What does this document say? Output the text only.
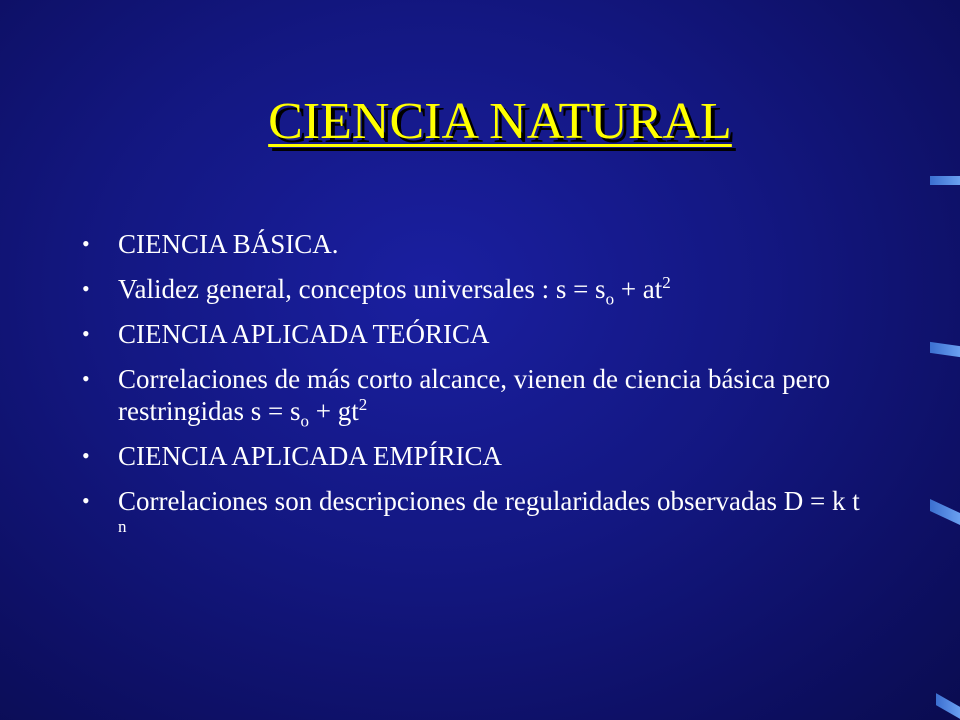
CIENCIA NATURAL
• CIENCIA BÁSICA.
• Validez general, conceptos universales : $s = s_o + at^2$
• CIENCIA APLICADA TEÓRICA
• Correlaciones de más corto alcance, vienen de ciencia básica pero restringidas $s = s_o + gt^2$
• CIENCIA APLICADA EMPÍRICA
• Correlaciones son descripciones de regularidades observadas D = k t $^n$
